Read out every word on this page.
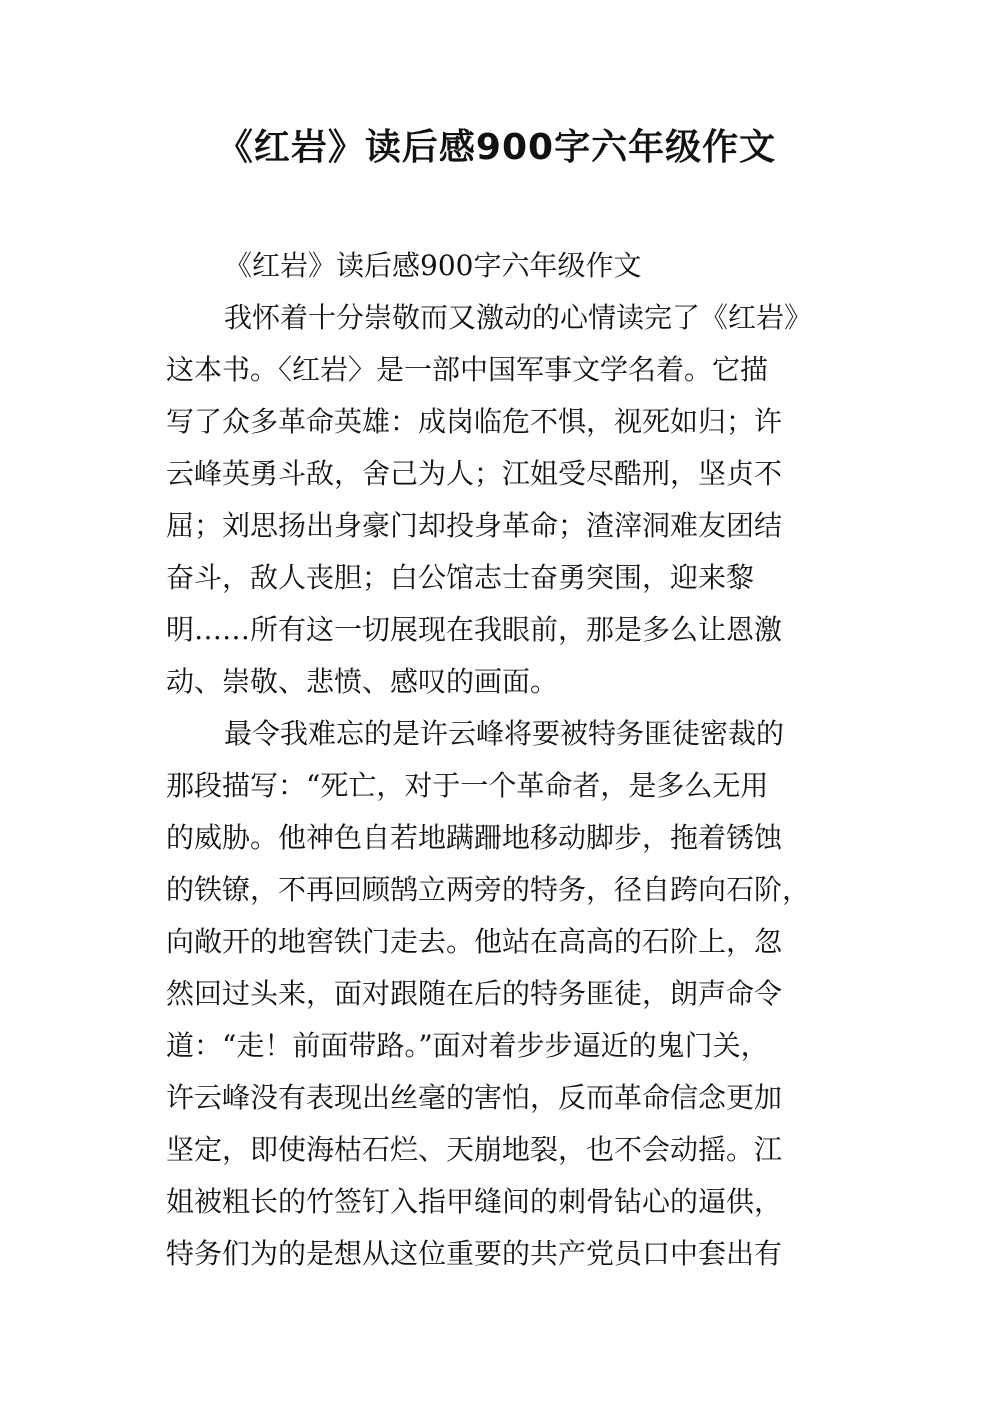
《红岩》读后感900字六年级作文
《红岩》读后感900字六年级作文
我怀着十分崇敬而又激动的心情读完了《红岩》
这本书。〈红岩〉是一部中国军事文学名着。它描
写了众多革命英雄：成岗临危不惧，视死如归；许
云峰英勇斗敌，舍己为人；江姐受尽酷刑，坚贞不
屈；刘思扬出身豪门却投身革命；渣滓洞难友团结
奋斗，敌人丧胆；白公馆志士奋勇突围，迎来黎
明……所有这一切展现在我眼前，那是多么让恩激
动、崇敬、悲愤、感叹的画面。
最令我难忘的是许云峰将要被特务匪徒密裁的
那段描写：“死亡，对于一个革命者，是多么无用
的威胁。他神色自若地蹒跚地移动脚步，拖着锈蚀
的铁镣，不再回顾鹄立两旁的特务，径自跨向石阶，
向敞开的地窖铁门走去。他站在高高的石阶上，忽
然回过头来，面对跟随在后的特务匪徒，朗声命令
道：“走！前面带路。”面对着步步逼近的鬼门关，
许云峰没有表现出丝毫的害怕，反而革命信念更加
坚定，即使海枯石烂、天崩地裂，也不会动摇。江
姐被粗长的竹签钉入指甲缝间的刺骨钻心的逼供，
特务们为的是想从这位重要的共产党员口中套出有
